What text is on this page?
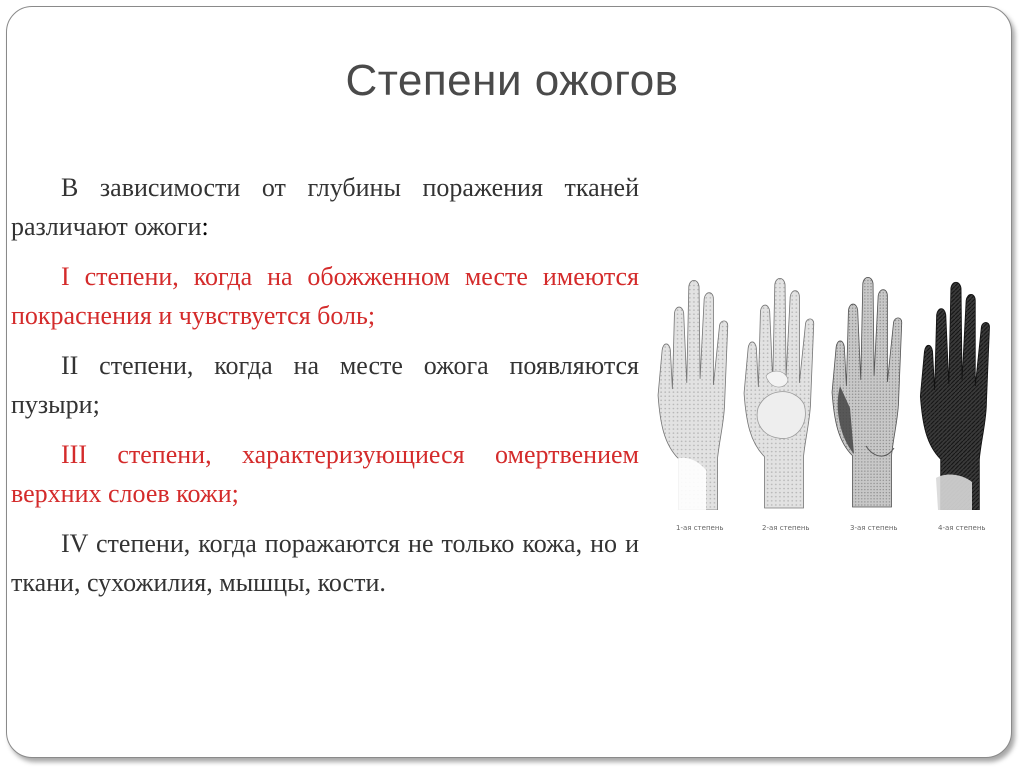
Степени ожогов

В зависимости от глубины поражения тканей различают ожоги:

I степени, когда на обожженном месте имеются покраснения и чувствуется боль;

II степени, когда на месте ожога появляются пузыри;

III степени, характеризующиеся омертвением верхних слоев кожи;

IV степени, когда поражаются не только кожа, но и ткани, сухожилия, мышцы, кости.

1-ая степень	2-ая степень	3-ая степень	4-ая степень
